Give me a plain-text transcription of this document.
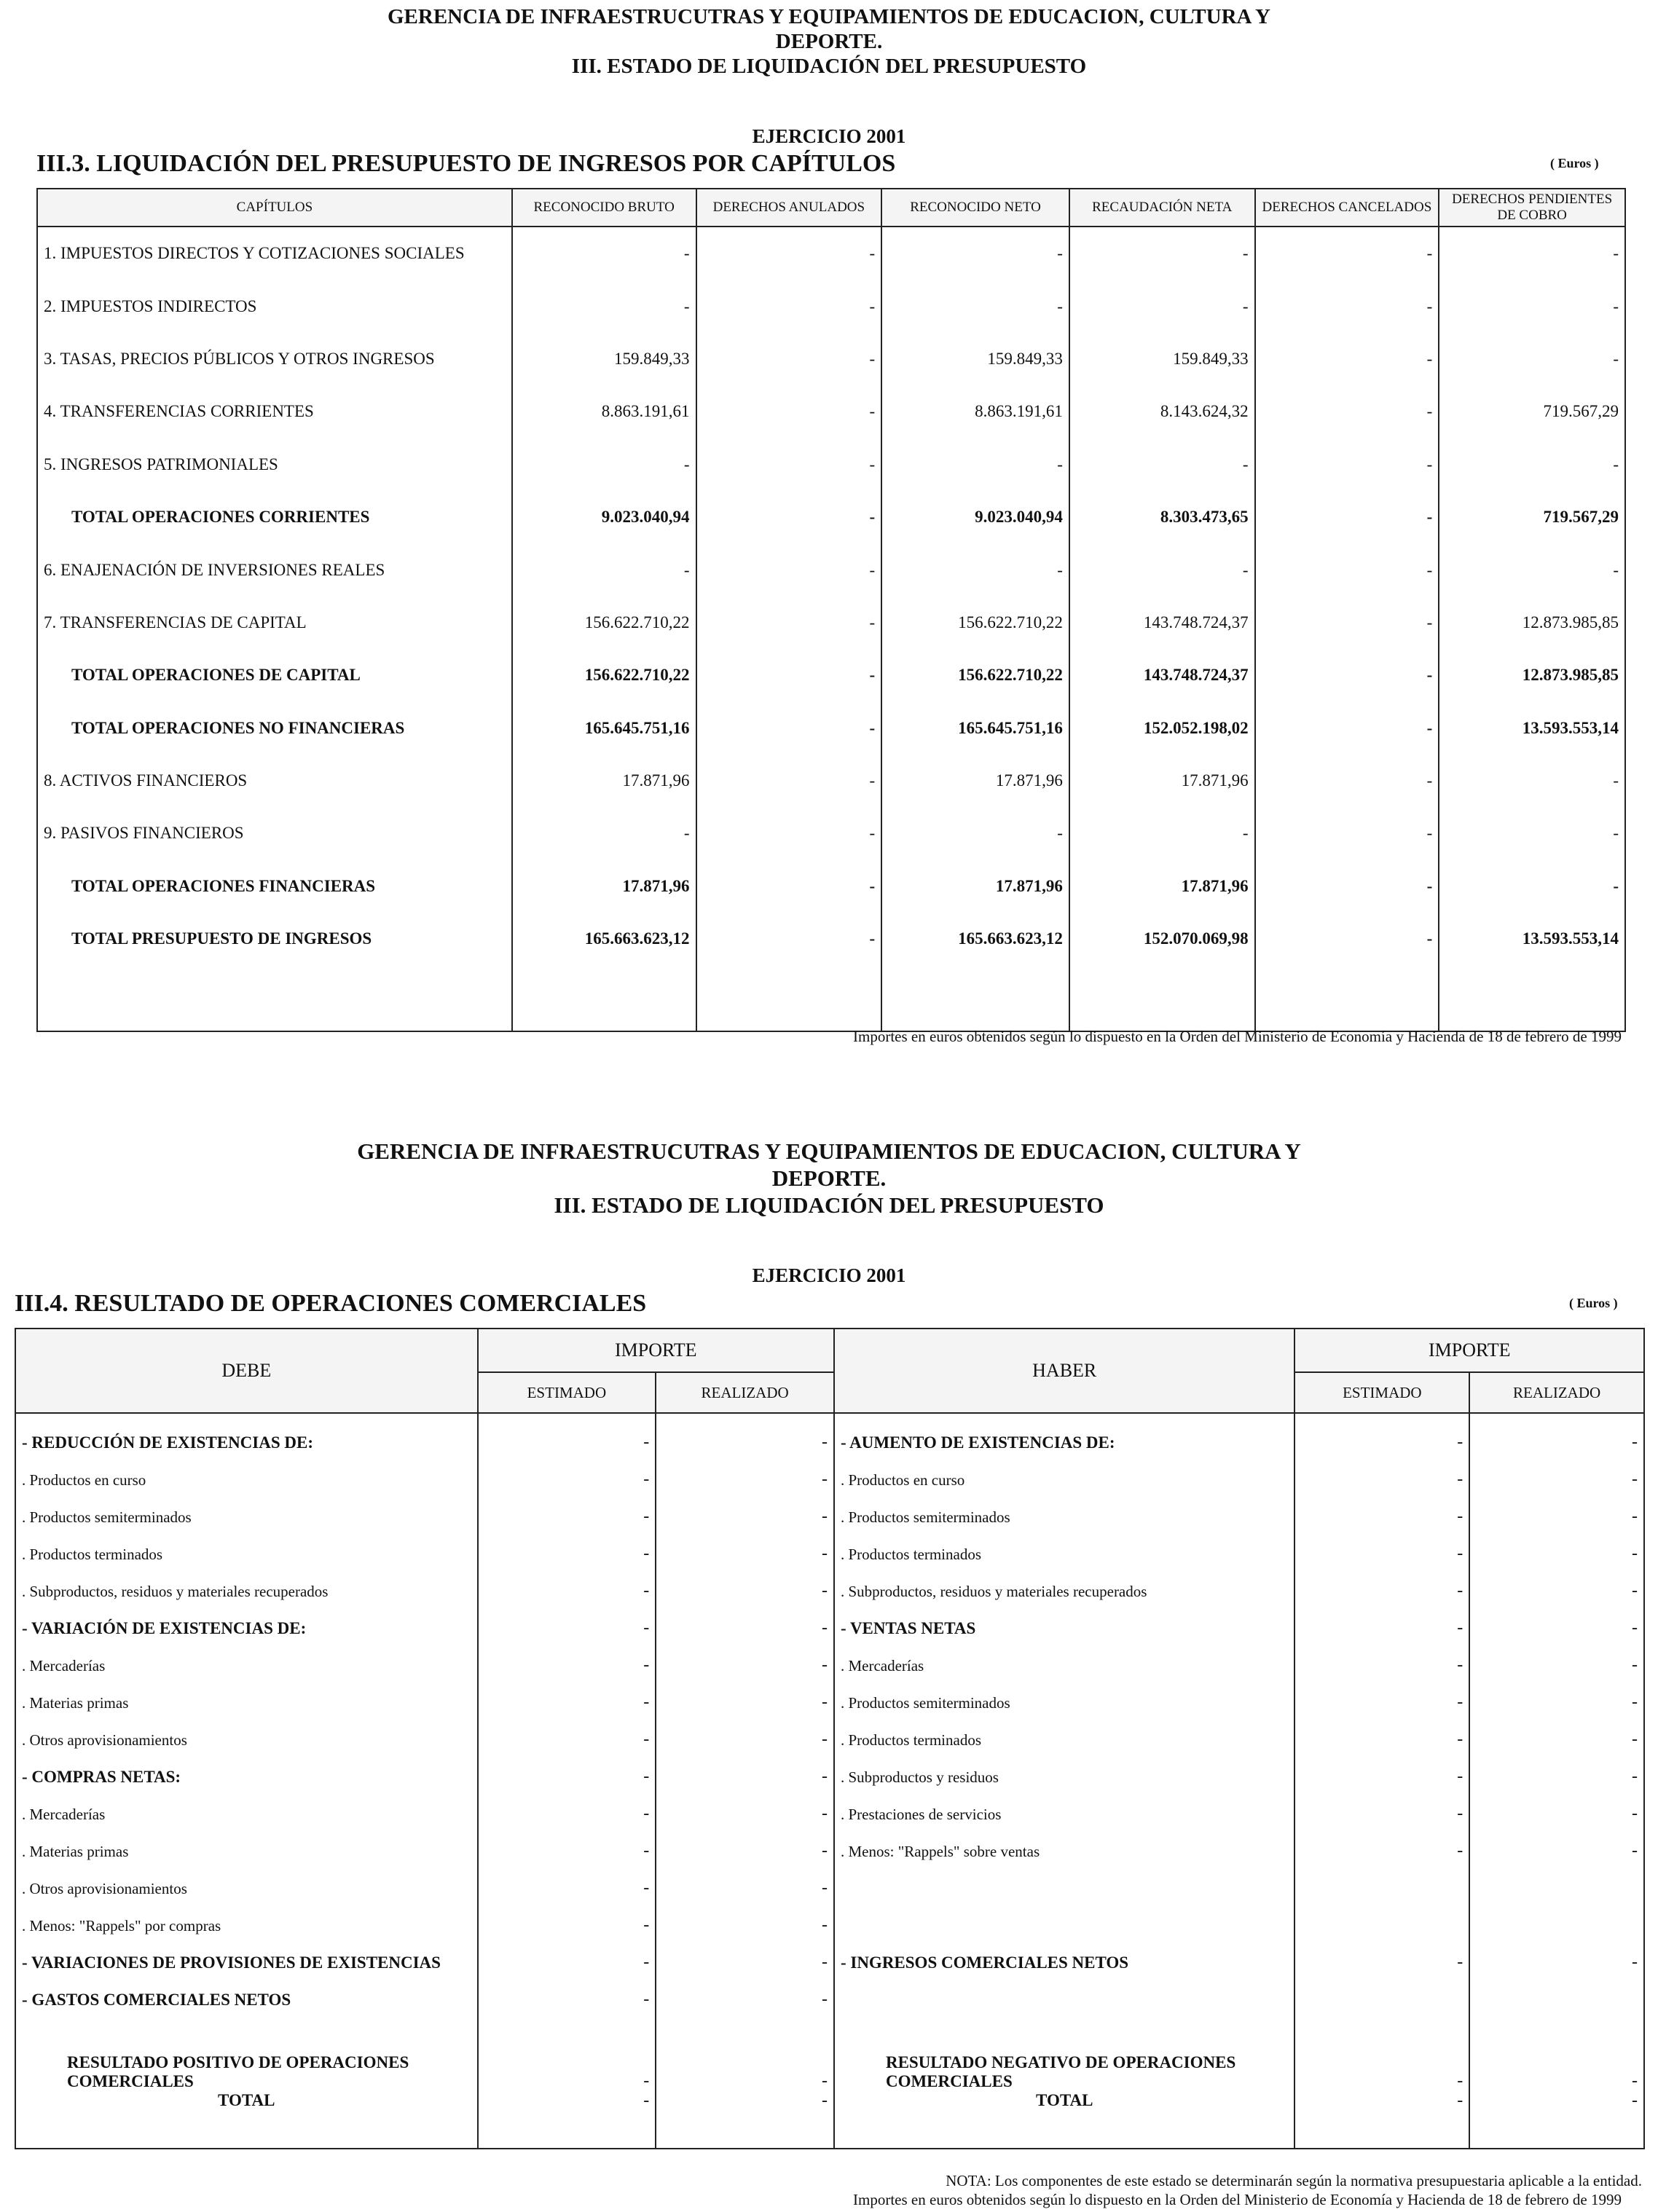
GERENCIA DE INFRAESTRUCUTRAS Y EQUIPAMIENTOS DE EDUCACION, CULTURA Y
DEPORTE.
III. ESTADO DE LIQUIDACIÓN DEL PRESUPUESTO
EJERCICIO 2001
III.3. LIQUIDACIÓN DEL PRESUPUESTO DE INGRESOS POR CAPÍTULOS	( Euros )
CAPÍTULOS	RECONOCIDO BRUTO	DERECHOS ANULADOS	RECONOCIDO NETO	RECAUDACIÓN NETA	DERECHOS CANCELADOS	DERECHOS PENDIENTES DE COBRO
1. IMPUESTOS DIRECTOS Y COTIZACIONES SOCIALES	-	-	-	-	-	-
2. IMPUESTOS INDIRECTOS	-	-	-	-	-	-
3. TASAS, PRECIOS PÚBLICOS Y OTROS INGRESOS	159.849,33	-	159.849,33	159.849,33	-	-
4. TRANSFERENCIAS CORRIENTES	8.863.191,61	-	8.863.191,61	8.143.624,32	-	719.567,29
5. INGRESOS PATRIMONIALES	-	-	-	-	-	-
TOTAL OPERACIONES CORRIENTES	9.023.040,94	-	9.023.040,94	8.303.473,65	-	719.567,29
6. ENAJENACIÓN DE INVERSIONES REALES	-	-	-	-	-	-
7. TRANSFERENCIAS DE CAPITAL	156.622.710,22	-	156.622.710,22	143.748.724,37	-	12.873.985,85
TOTAL OPERACIONES DE CAPITAL	156.622.710,22	-	156.622.710,22	143.748.724,37	-	12.873.985,85
TOTAL OPERACIONES NO FINANCIERAS	165.645.751,16	-	165.645.751,16	152.052.198,02	-	13.593.553,14
8. ACTIVOS FINANCIEROS	17.871,96	-	17.871,96	17.871,96	-	-
9. PASIVOS FINANCIEROS	-	-	-	-	-	-
TOTAL OPERACIONES FINANCIERAS	17.871,96	-	17.871,96	17.871,96	-	-
TOTAL PRESUPUESTO DE INGRESOS	165.663.623,12	-	165.663.623,12	152.070.069,98	-	13.593.553,14

Importes en euros obtenidos según lo dispuesto en la Orden del Ministerio de Economía y Hacienda de 18 de febrero de 1999
GERENCIA DE INFRAESTRUCUTRAS Y EQUIPAMIENTOS DE EDUCACION, CULTURA Y
DEPORTE.
III. ESTADO DE LIQUIDACIÓN DEL PRESUPUESTO
EJERCICIO 2001
III.4. RESULTADO DE OPERACIONES COMERCIALES	( Euros )
DEBE	IMPORTE		HABER	IMPORTE	
	ESTIMADO	REALIZADO		ESTIMADO	REALIZADO
- REDUCCIÓN DE EXISTENCIAS DE:	-	-	- AUMENTO DE EXISTENCIAS DE:	-	-
. Productos en curso	-	-	. Productos en curso	-	-
. Productos semiterminados	-	-	. Productos semiterminados	-	-
. Productos terminados	-	-	. Productos terminados	-	-
. Subproductos, residuos y materiales recuperados	-	-	. Subproductos, residuos y materiales recuperados	-	-
- VARIACIÓN DE EXISTENCIAS DE:	-	-	- VENTAS NETAS	-	-
. Mercaderías	-	-	. Mercaderías	-	-
. Materias primas	-	-	. Productos semiterminados	-	-
. Otros aprovisionamientos	-	-	. Productos terminados	-	-
- COMPRAS NETAS:	-	-	. Subproductos y residuos	-	-
. Mercaderías	-	-	. Prestaciones de servicios	-	-
. Materias primas	-	-	. Menos: "Rappels" sobre ventas	-	-
. Otros aprovisionamientos	-	-			
. Menos: "Rappels" por compras	-	-			
- VARIACIONES DE PROVISIONES DE EXISTENCIAS	-	-	- INGRESOS COMERCIALES NETOS	-	-
- GASTOS COMERCIALES NETOS	-	-			
RESULTADO POSITIVO DE OPERACIONES COMERCIALES	-	-	RESULTADO NEGATIVO DE OPERACIONES COMERCIALES	-	-
TOTAL	-	-	TOTAL	-	-
NOTA: Los componentes de este estado se determinarán según la normativa presupuestaria aplicable a la entidad.
Importes en euros obtenidos según lo dispuesto en la Orden del Ministerio de Economía y Hacienda de 18 de febrero de 1999
